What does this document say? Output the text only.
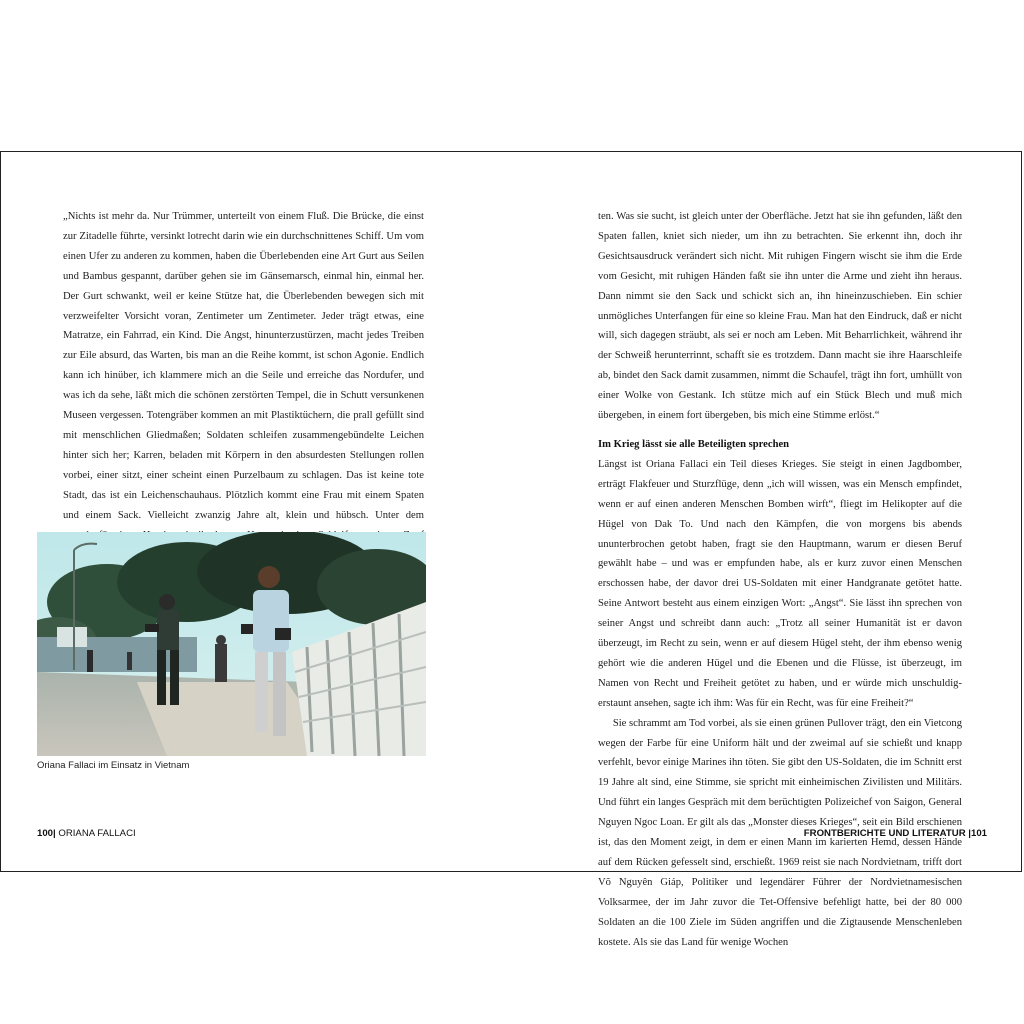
„Nichts ist mehr da. Nur Trümmer, unterteilt von einem Fluß. Die Brücke, die einst zur Zitadelle führte, versinkt lotrecht darin wie ein durchschnittenes Schiff. Um vom einen Ufer zu anderen zu kommen, haben die Überlebenden eine Art Gurt aus Seilen und Bambus gespannt, darüber gehen sie im Gänsemarsch, einmal hin, einmal her. Der Gurt schwankt, weil er keine Stütze hat, die Überlebenden bewegen sich mit verzweifelter Vorsicht voran, Zentimeter um Zentimeter. Jeder trägt etwas, eine Matratze, ein Fahrrad, ein Kind. Die Angst, hinunterzustürzen, macht jedes Treiben zur Eile absurd, das Warten, bis man an die Reihe kommt, ist schon Agonie. Endlich kann ich hinüber, ich klammere mich an die Seile und erreiche das Nordufer, und was ich da sehe, läßt mich die schönen zerstörten Tempel, die in Schutt versunkenen Museen vergessen. Totengräber kommen an mit Plastiktüchern, die prall gefüllt sind mit menschlichen Gliedmaßen; Soldaten schleifen zusammengebündelte Leichen hinter sich her; Karren, beladen mit Körpern in den absurdesten Stellungen rollen vorbei, einer sitzt, einer scheint einen Purzelbaum zu schlagen. Das ist keine tote Stadt, das ist ein Leichenschauhaus. Plötzlich kommt eine Frau mit einem Spaten und einem Sack. Vielleicht zwanzig Jahre alt, klein und hübsch. Unter dem

Oriana Fallaci im Einsatz in Vietnam
100| ORIANA FALLACI

ten. Was sie sucht, ist gleich unter der Oberfläche. Jetzt hat sie ihn gefunden, läßt den Spaten fallen, kniet sich nieder, um ihn zu betrachten. Sie erkennt ihn, doch ihr Gesichtsausdruck verändert sich nicht. Mit ruhigen Fingern wischt sie ihm die Erde vom Gesicht, mit ruhigen Händen faßt sie ihn unter die Arme und zieht ihn heraus. Dann nimmt sie den Sack und schickt sich an, ihn hineinzuschieben. Ein schier unmögliches Unterfangen für eine so kleine Frau. Man hat den Eindruck, daß er nicht will, sich dagegen sträubt, als sei er noch am Leben. Mit Beharrlichkeit, während ihr der Schweiß herunterrinnt, schafft sie es trotzdem. Dann macht sie ihre Haarschleife ab, bindet den Sack damit zusammen, nimmt die Schaufel, trägt ihn fort, umhüllt von einer Wolke von Gestank. Ich stütze mich auf ein Stück Blech und muß mich übergeben, in einem fort übergeben, bis mich eine Stimme erlöst.“

Im Krieg lässt sie alle Beteiligten sprechen

Längst ist Oriana Fallaci ein Teil dieses Krieges. Sie steigt in einen Jagdbomber, erträgt Flakfeuer und Sturzflüge, denn „ich will wissen, was ein Mensch empfindet, wenn er auf einen anderen Menschen Bomben wirft“, fliegt im Helikopter auf die Hügel von Dak To. Und nach den Kämpfen, die von morgens bis abends ununterbrochen getobt haben, fragt sie den Hauptmann, warum er diesen Beruf gewählt habe – und was er empfunden habe, als er kurz zuvor einen Menschen erschossen habe, der davor drei US-Soldaten mit einer Handgranate getötet hatte. Seine Antwort besteht aus einem einzigen Wort: „Angst“. Sie lässt ihn sprechen von seiner Angst und schreibt dann auch: „Trotz all seiner Humanität ist er davon überzeugt, im Recht zu sein, wenn er auf diesem Hügel steht, der ihm ebenso wenig gehört wie die anderen Hügel und die Ebenen und die Flüsse, ist überzeugt, im Namen von Recht und Freiheit getötet zu haben, und er würde mich unschuldig-erstaunt ansehen, sagte ich ihm: Was für ein Recht, was für eine Freiheit?“

Sie schrammt am Tod vorbei, als sie einen grünen Pullover trägt, den ein Vietcong wegen der Farbe für eine Uniform hält und der zweimal auf sie schießt und knapp verfehlt, bevor einige Marines ihn töten. Sie gibt den US-Soldaten, die im Schnitt erst 19 Jahre alt sind, eine Stimme, sie spricht mit einheimischen Zivilisten und Militärs. Und führt ein langes Gespräch mit dem berüchtigten Polizeichef von Saigon, General Nguyen Ngoc Loan. Er gilt als das „Monster dieses Krieges“, seit ein Bild erschienen ist, das den Moment zeigt, in dem er einen Mann im karierten Hemd, dessen Hände auf dem Rücken gefesselt sind, erschießt. 1969 reist sie nach Nordvietnam, trifft dort Võ Nguyên Giáp, Politiker und legendärer Führer der Nordvietnamesischen Volksarmee, der im Jahr zuvor die Tet-Offensive befehligt hatte, bei der 80 000 Soldaten an die 100 Ziele im Süden angriffen und die Zigtausende Menschenleben kostete. Als sie das Land für wenige Wochen

FRONTBERICHTE UND LITERATUR |101
